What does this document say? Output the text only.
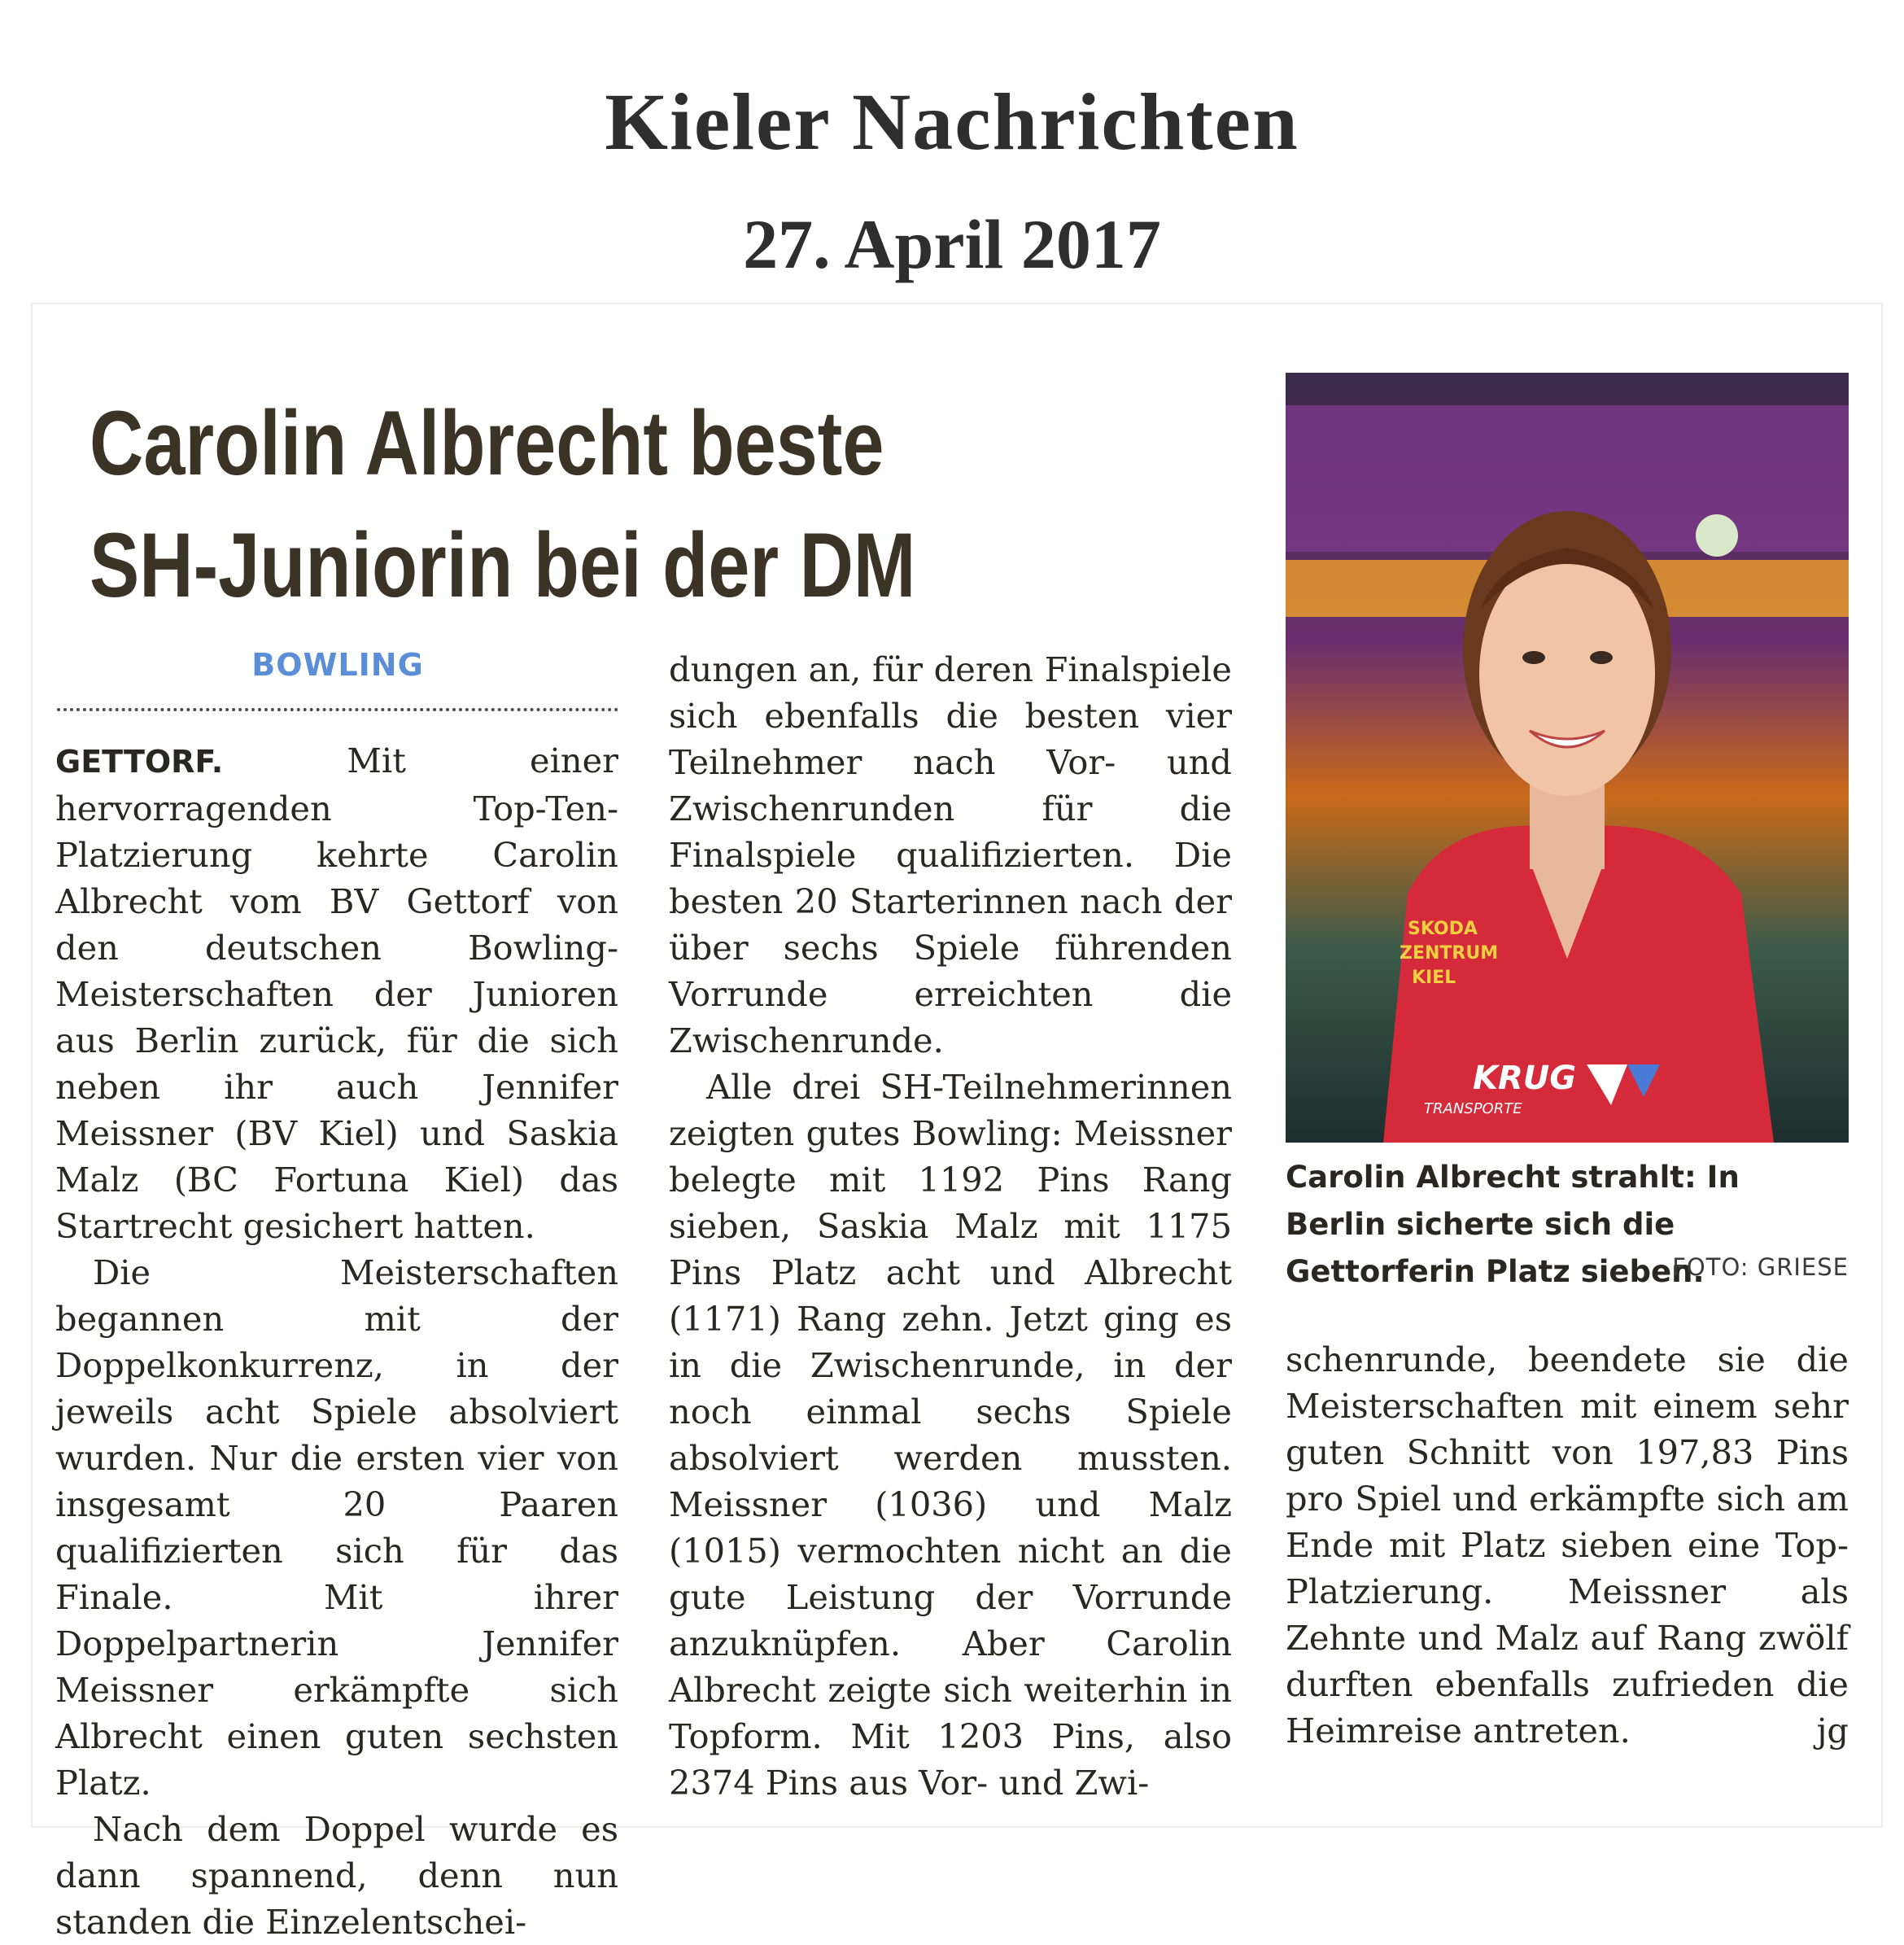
Kieler Nachrichten
27. April 2017
Carolin Albrecht beste
SH-Juniorin bei der DM
BOWLING

GETTORF.	Mit einer hervorragenden Top-Ten-Platzierung kehrte Carolin Albrecht vom BV Gettorf von den deutschen Bowling-Meisterschaften der Junioren aus Berlin zurück, für die sich neben ihr auch Jennifer Meissner (BV Kiel) und Saskia Malz (BC Fortuna Kiel) das Startrecht gesichert hatten.

Die Meisterschaften begannen mit der Doppelkonkurrenz, in der jeweils acht Spiele absolviert wurden. Nur die ersten vier von insgesamt 20 Paaren qualifizierten sich für das Finale. Mit ihrer Doppelpartnerin Jennifer Meissner erkämpfte sich Albrecht einen guten sechsten Platz.

Nach dem Doppel wurde es dann spannend, denn nun standen die Einzelentschei-

dungen an, für deren Finalspiele sich ebenfalls die besten vier Teilnehmer nach Vor- und Zwischenrunden für die Finalspiele qualifizierten. Die besten 20 Starterinnen nach der über sechs Spiele führenden Vorrunde erreichten die Zwischenrunde.

Alle drei SH-Teilnehmerinnen zeigten gutes Bowling: Meissner belegte mit 1192 Pins Rang sieben, Saskia Malz mit 1175 Pins Platz acht und Albrecht (1171) Rang zehn. Jetzt ging es in die Zwischenrunde, in der noch einmal sechs Spiele absolviert werden mussten. Meissner (1036) und Malz (1015) vermochten nicht an die gute Leistung der Vorrunde anzuknüpfen. Aber Carolin Albrecht zeigte sich weiterhin in Topform. Mit 1203 Pins, also 2374 Pins aus Vor- und Zwi-

SKODA
ZENTRUM
KIEL
KRUG
TRANSPORTE
Carolin Albrecht strahlt: In Berlin sicherte sich die Gettorferin Platz sieben.
FOTO: GRIESE

schenrunde, beendete sie die Meisterschaften mit einem sehr guten Schnitt von 197,83 Pins pro Spiel und erkämpfte sich am Ende mit Platz sieben eine Top-Platzierung. Meissner als Zehnte und Malz auf Rang zwölf durften ebenfalls zufrieden die Heimreise antreten.	jg
